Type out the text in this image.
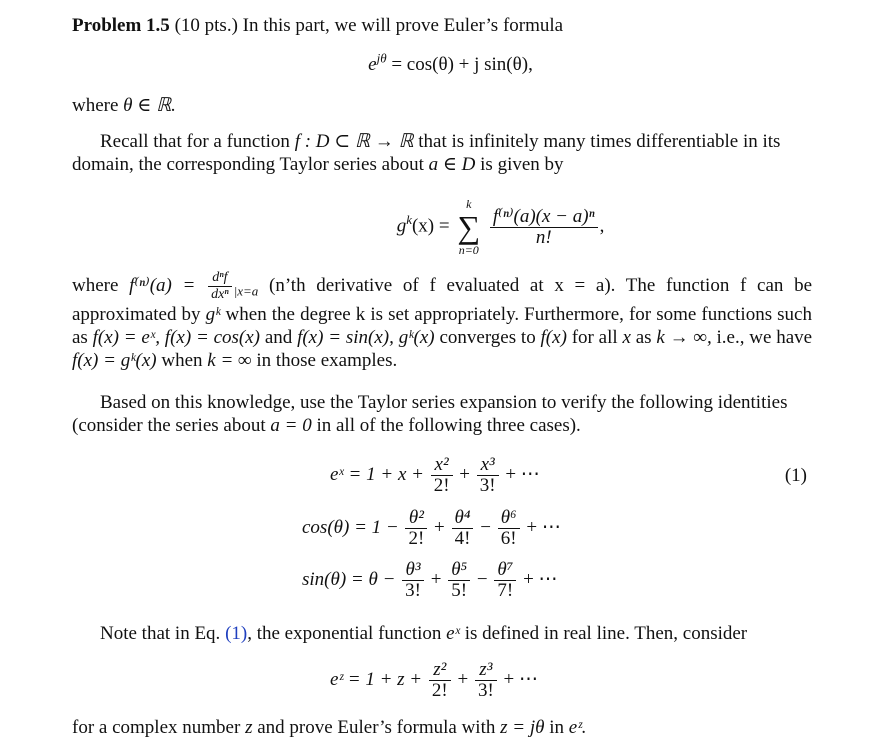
Problem 1.5 (10 pts.) In this part, we will prove Euler’s formula
$e^{j\theta} = \cos(\theta) + j$ sin(θ),
where θ ∈ ℝ.
Recall that for a function f : D ⊂ ℝ → ℝ that is infinitely many times differentiable in its domain, the corresponding Taylor series about a ∈ D is given by
$g^k(x)$ =
k
∑
n=0

$\frac{\text{f⁽ⁿ⁾(a)(x − a)ⁿ}}{n!}$ ,
where $f^{(n)}(a) = \frac{\text{dⁿf}}{\text{dxⁿ}} _{|x=a}$ (n’th derivative of f evaluated at x = a). The function f can be approximated by gᵏ when the degree k is set appropriately. Furthermore, for some functions such as f(x) = eˣ, f(x) = cos(x) and f(x) = sin(x), gᵏ(x) converges to f(x) for all x as k → ∞, i.e., we have f(x) = gᵏ(x) when k = ∞ in those examples.
Based on this knowledge, use the Taylor series expansion to verify the following identities (consider the series about a = 0 in all of the following three cases).
eˣ = $1 + x + \frac{\text{x²}}{2!} + \frac{\text{x³}}{3!}$ + ⋯	(1)
$\cos(\theta) = 1 - \frac{\text{θ²}}{2!} + \frac{\text{θ⁴}}{4!} - \frac{\text{θ⁶}}{6!}$ + ⋯
$\sin(\theta) = \theta - \frac{\text{θ³}}{3!} + \frac{\text{θ⁵}}{5!} - \frac{\text{θ⁷}}{7!}$ + ⋯
Note that in Eq. (1), the exponential function eˣ is defined in real line. Then, consider
eᶻ = $1 + z + \frac{\text{z²}}{2!} + \frac{\text{z³}}{3!}$ + ⋯
for a complex number z and prove Euler’s formula with z = jθ in eᶻ.
